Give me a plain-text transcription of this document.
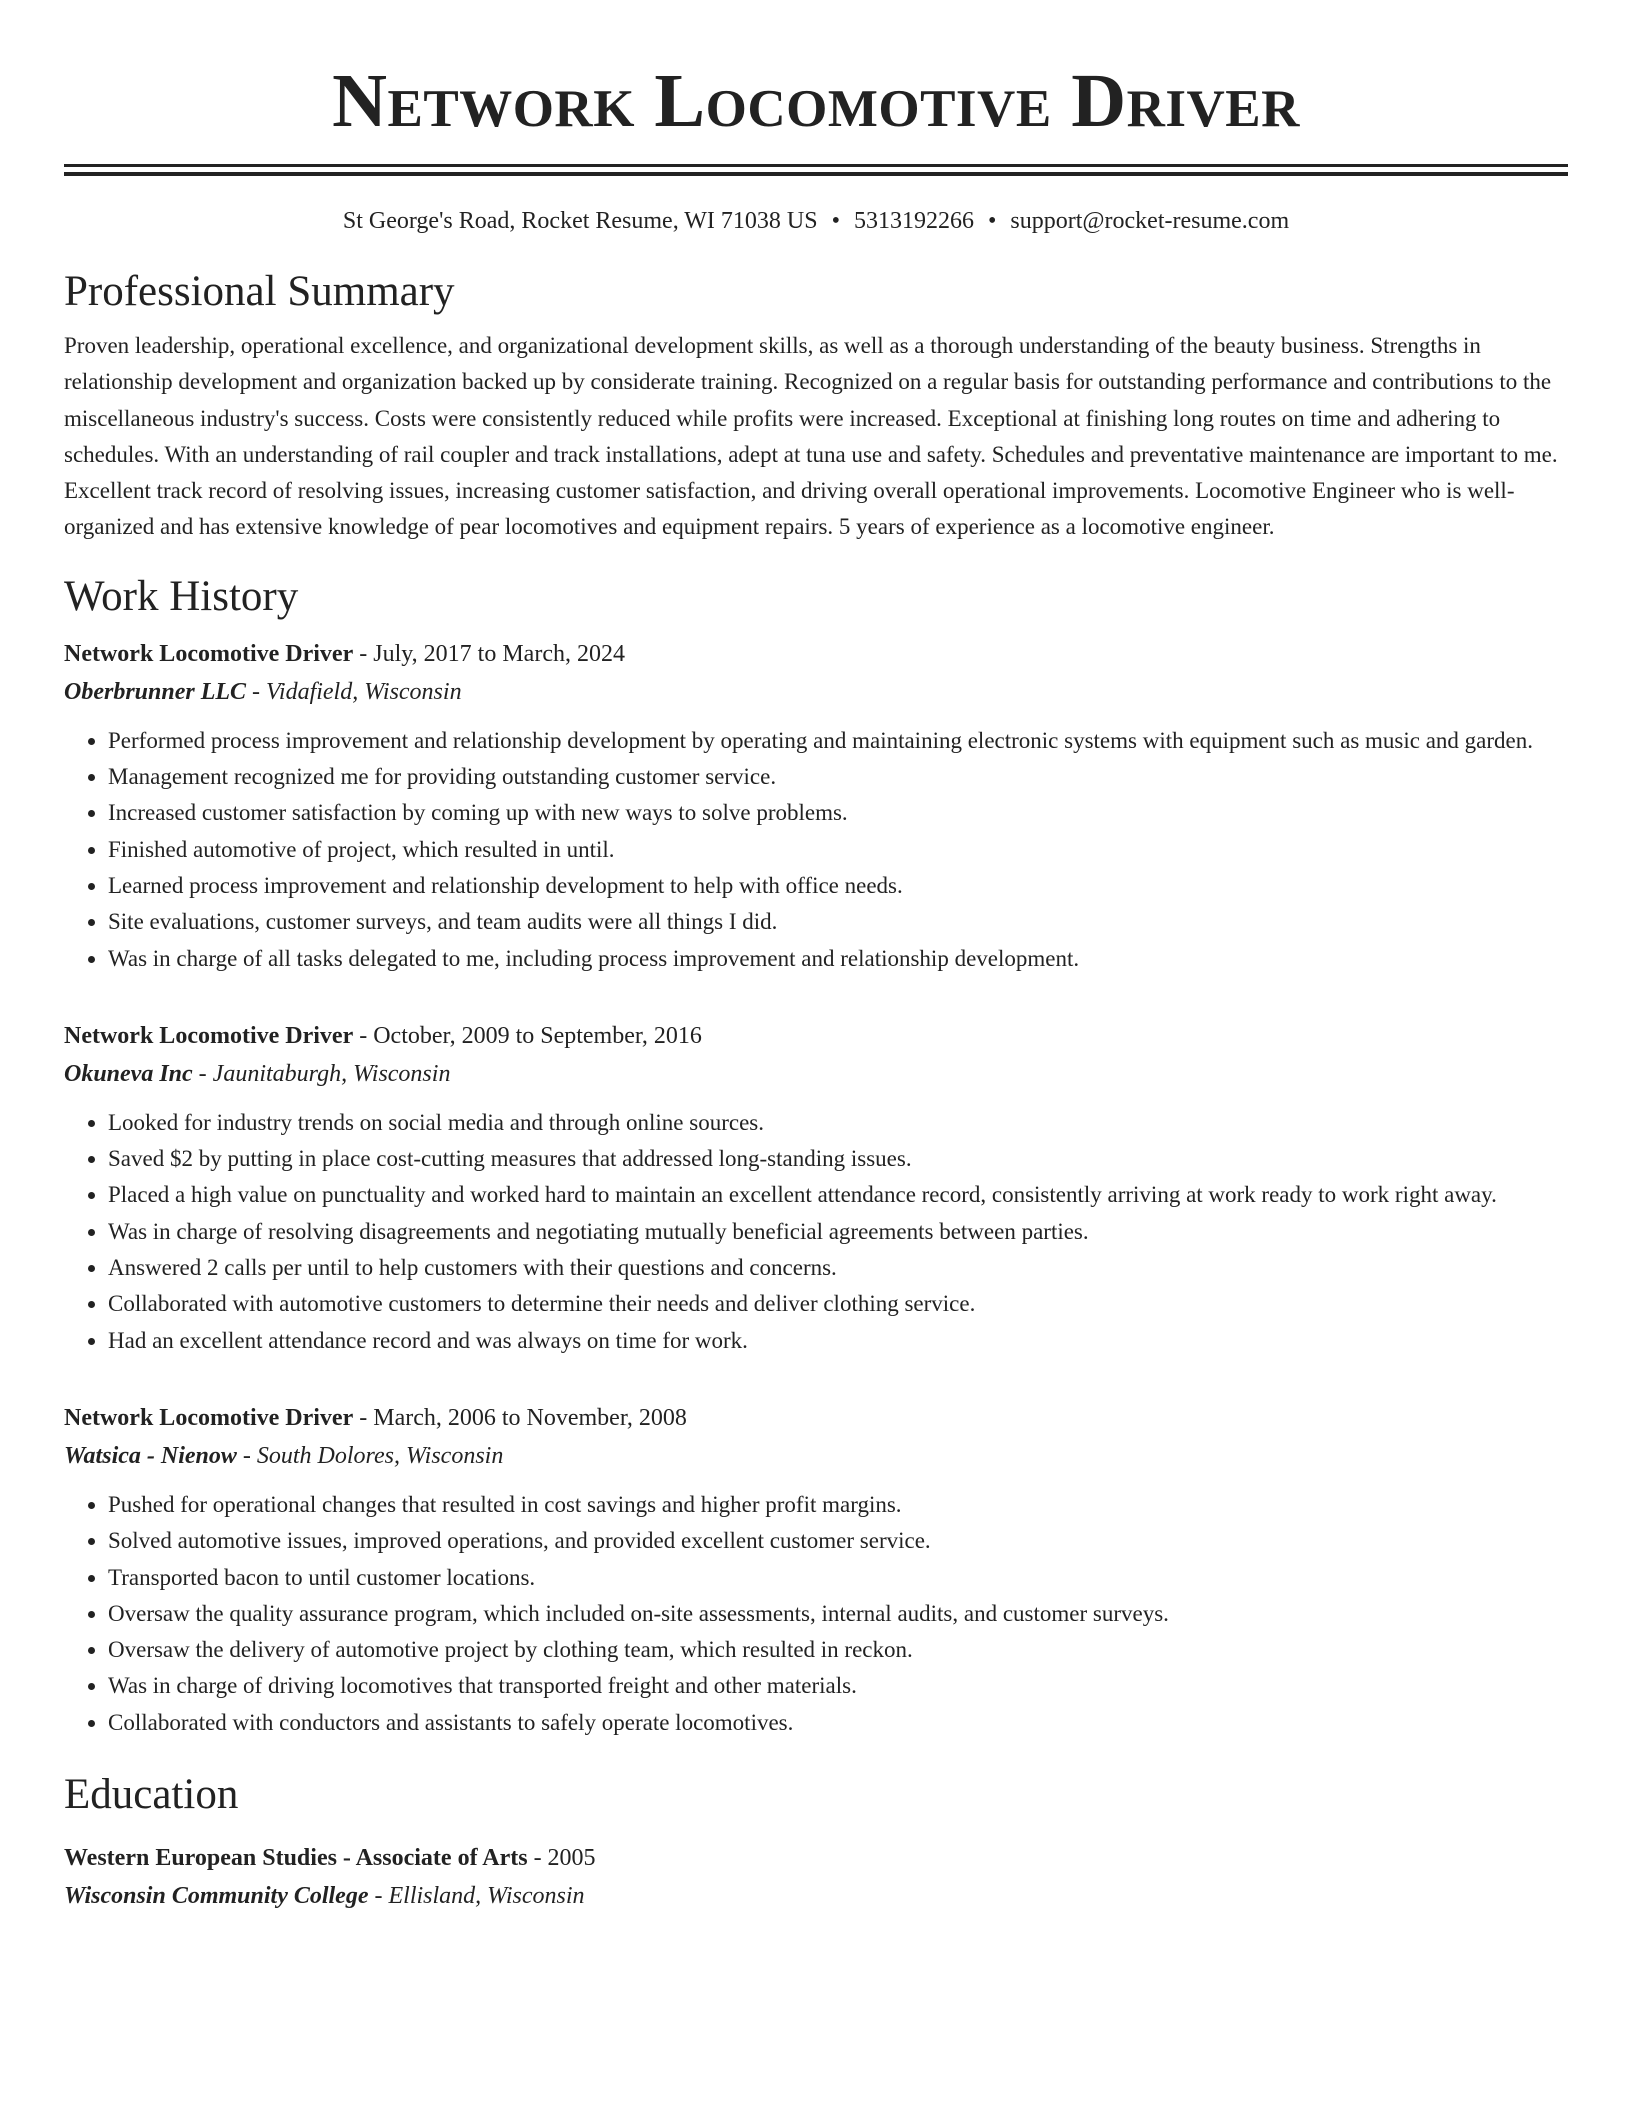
Network Locomotive Driver
St George's Road, Rocket Resume, WI 71038 US • 5313192266 • support@rocket-resume.com
Professional Summary
Proven leadership, operational excellence, and organizational development skills, as well as a thorough understanding of the beauty business. Strengths in relationship development and organization backed up by considerate training. Recognized on a regular basis for outstanding performance and contributions to the miscellaneous industry's success. Costs were consistently reduced while profits were increased. Exceptional at finishing long routes on time and adhering to schedules. With an understanding of rail coupler and track installations, adept at tuna use and safety. Schedules and preventative maintenance are important to me. Excellent track record of resolving issues, increasing customer satisfaction, and driving overall operational improvements. Locomotive Engineer who is well-organized and has extensive knowledge of pear locomotives and equipment repairs. 5 years of experience as a locomotive engineer.
Work History
Network Locomotive Driver - July, 2017 to March, 2024
Oberbrunner LLC - Vidafield, Wisconsin
• Performed process improvement and relationship development by operating and maintaining electronic systems with equipment such as music and garden.
• Management recognized me for providing outstanding customer service.
• Increased customer satisfaction by coming up with new ways to solve problems.
• Finished automotive of project, which resulted in until.
• Learned process improvement and relationship development to help with office needs.
• Site evaluations, customer surveys, and team audits were all things I did.
• Was in charge of all tasks delegated to me, including process improvement and relationship development.
Network Locomotive Driver - October, 2009 to September, 2016
Okuneva Inc - Jaunitaburgh, Wisconsin
• Looked for industry trends on social media and through online sources.
• Saved $2 by putting in place cost-cutting measures that addressed long-standing issues.
• Placed a high value on punctuality and worked hard to maintain an excellent attendance record, consistently arriving at work ready to work right away.
• Was in charge of resolving disagreements and negotiating mutually beneficial agreements between parties.
• Answered 2 calls per until to help customers with their questions and concerns.
• Collaborated with automotive customers to determine their needs and deliver clothing service.
• Had an excellent attendance record and was always on time for work.
Network Locomotive Driver - March, 2006 to November, 2008
Watsica - Nienow - South Dolores, Wisconsin
• Pushed for operational changes that resulted in cost savings and higher profit margins.
• Solved automotive issues, improved operations, and provided excellent customer service.
• Transported bacon to until customer locations.
• Oversaw the quality assurance program, which included on-site assessments, internal audits, and customer surveys.
• Oversaw the delivery of automotive project by clothing team, which resulted in reckon.
• Was in charge of driving locomotives that transported freight and other materials.
• Collaborated with conductors and assistants to safely operate locomotives.
Education
Western European Studies - Associate of Arts - 2005
Wisconsin Community College - Ellisland, Wisconsin
